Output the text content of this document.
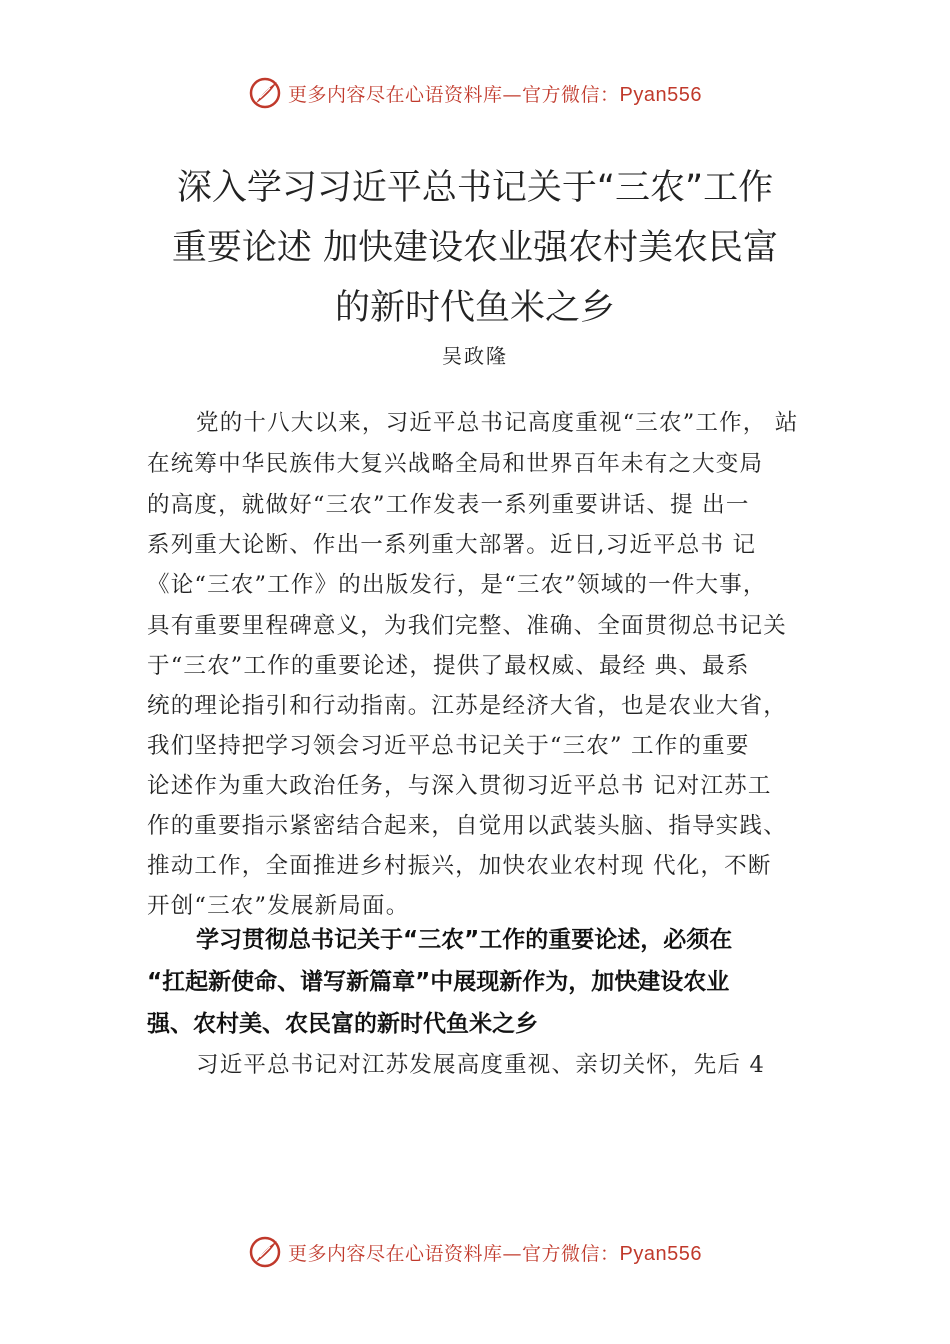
更多内容尽在心语资料库—官方微信：Pyan556
深入学习习近平总书记关于“三农”工作
重要论述 加快建设农业强农村美农民富
的新时代鱼米之乡
吴政隆
党的十八大以来，习近平总书记高度重视“三农”工作， 站
在统筹中华民族伟大复兴战略全局和世界百年未有之大变局
的高度，就做好“三农”工作发表一系列重要讲话、提 出一
系列重大论断、作出一系列重大部署。近日,习近平总书 记
《论“三农”工作》的出版发行，是“三农”领域的一件大事，
具有重要里程碑意义，为我们完整、准确、全面贯彻总书记关
于“三农”工作的重要论述，提供了最权威、最经 典、最系
统的理论指引和行动指南。江苏是经济大省，也是农业大省，
我们坚持把学习领会习近平总书记关于“三农” 工作的重要
论述作为重大政治任务，与深入贯彻习近平总书 记对江苏工
作的重要指示紧密结合起来，自觉用以武装头脑、指导实践、
推动工作，全面推进乡村振兴，加快农业农村现 代化，不断
开创“三农”发展新局面。
学习贯彻总书记关于“三农”工作的重要论述，必须在
“扛起新使命、谱写新篇章”中展现新作为，加快建设农业
强、农村美、农民富的新时代鱼米之乡
习近平总书记对江苏发展高度重视、亲切关怀，先后 4
更多内容尽在心语资料库—官方微信：Pyan556
